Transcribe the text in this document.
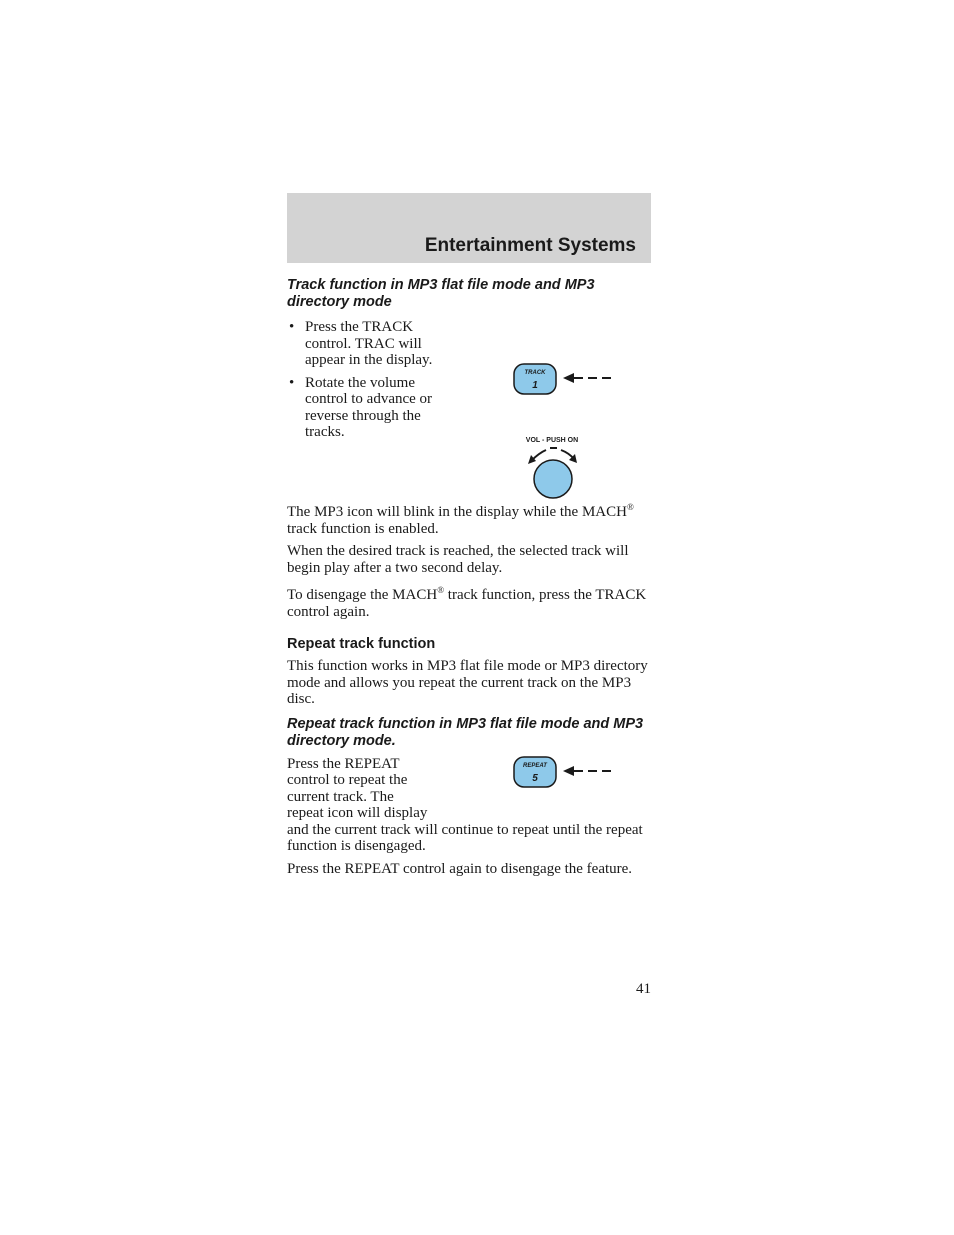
Entertainment Systems
Track function in MP3 flat file mode and MP3 directory mode
• Press the TRACK control. TRAC will appear in the display.
• Rotate the volume control to advance or reverse through the tracks.
TRACK
1
VOL - PUSH ON

The MP3 icon will blink in the display while the MACH® track function is enabled.

When the desired track is reached, the selected track will begin play after a two second delay.

To disengage the MACH® track function, press the TRACK control again.

Repeat track function

This function works in MP3 flat file mode or MP3 directory mode and allows you repeat the current track on the MP3 disc.

Repeat track function in MP3 flat file mode and MP3 directory mode.

Press the REPEAT

control to repeat the

current track. The

repeat icon will display

and the current track will continue to repeat until the repeat function is disengaged.

REPEAT
5

Press the REPEAT control again to disengage the feature.

41
